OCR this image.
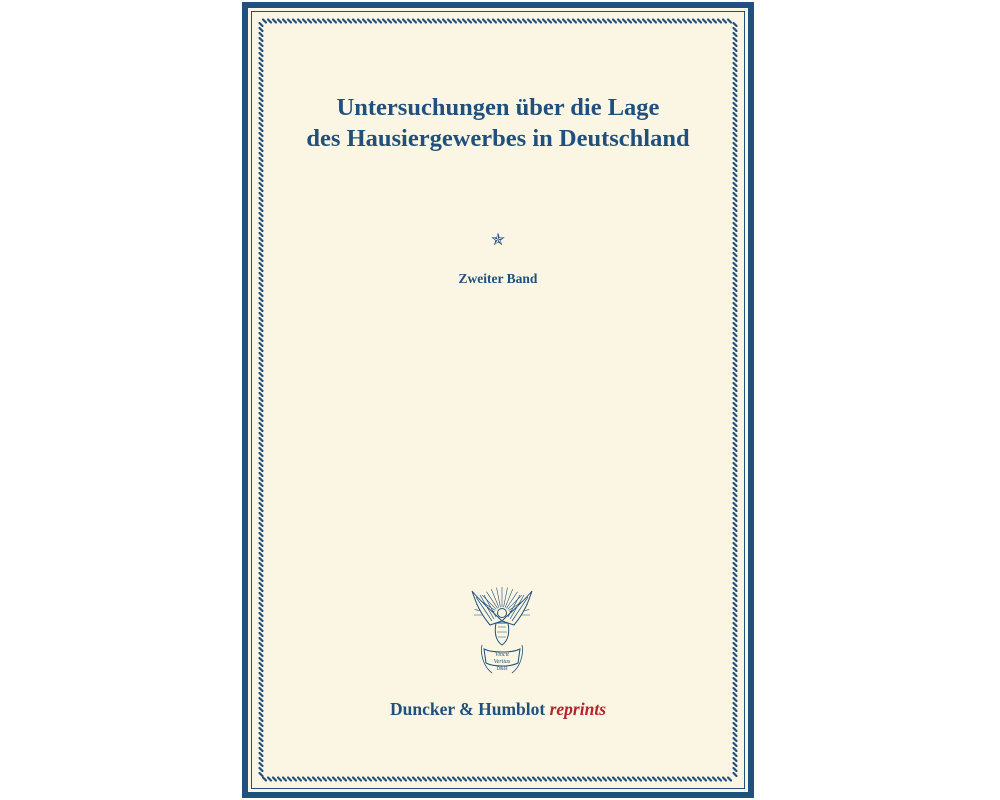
Untersuchungen über die Lage
des Hausiergewerbes in Deutschland
✯
Zweiter Band
Vincit
Veritas
D&H
Duncker & Humblot reprints
